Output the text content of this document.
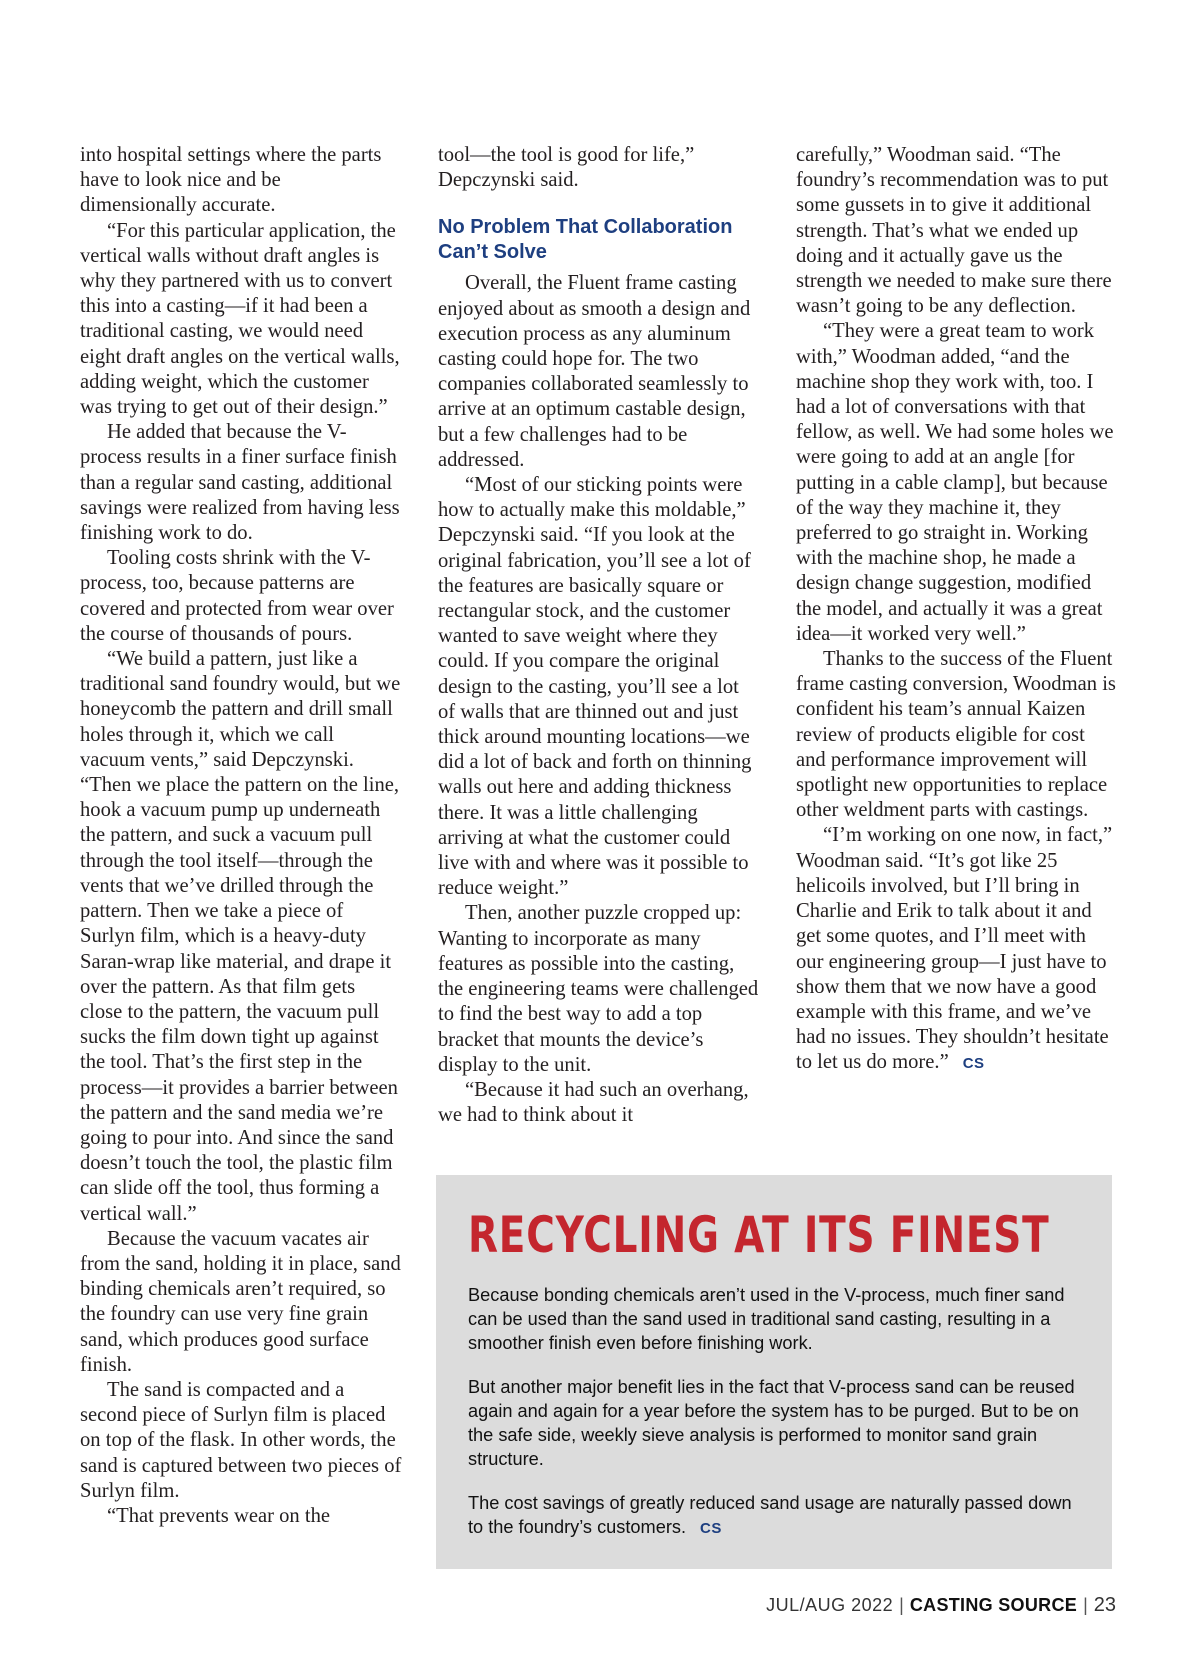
into hospital settings where the parts have to look nice and be dimensionally accurate.

“For this particular application, the vertical walls without draft angles is why they partnered with us to convert this into a casting—if it had been a traditional casting, we would need eight draft angles on the vertical walls, adding weight, which the customer was trying to get out of their design.”

He added that because the V-process results in a finer surface finish than a regular sand casting, additional savings were realized from having less finishing work to do.

Tooling costs shrink with the V-process, too, because patterns are covered and protected from wear over the course of thousands of pours.

“We build a pattern, just like a traditional sand foundry would, but we honeycomb the pattern and drill small holes through it, which we call vacuum vents,” said Depczynski. “Then we place the pattern on the line, hook a vacuum pump up underneath the pattern, and suck a vacuum pull through the tool itself—through the vents that we’ve drilled through the pattern. Then we take a piece of Surlyn film, which is a heavy-duty Saran-wrap like material, and drape it over the pattern. As that film gets close to the pattern, the vacuum pull sucks the film down tight up against the tool. That’s the first step in the process—it provides a barrier between the pattern and the sand media we’re going to pour into. And since the sand doesn’t touch the tool, the plastic film can slide off the tool, thus forming a vertical wall.”

Because the vacuum vacates air from the sand, holding it in place, sand binding chemicals aren’t required, so the foundry can use very fine grain sand, which produces good surface finish.

The sand is compacted and a second piece of Surlyn film is placed on top of the flask. In other words, the sand is captured between two pieces of Surlyn film.

“That prevents wear on the

tool—the tool is good for life,” Depczynski said.

No Problem That Collaboration Can’t Solve

Overall, the Fluent frame casting enjoyed about as smooth a design and execution process as any aluminum casting could hope for. The two companies collaborated seamlessly to arrive at an optimum castable design, but a few challenges had to be addressed.

“Most of our sticking points were how to actually make this moldable,” Depczynski said. “If you look at the original fabrication, you’ll see a lot of the features are basically square or rectangular stock, and the customer wanted to save weight where they could. If you compare the original design to the casting, you’ll see a lot of walls that are thinned out and just thick around mounting locations—we did a lot of back and forth on thinning walls out here and adding thickness there. It was a little challenging arriving at what the customer could live with and where was it possible to reduce weight.”

Then, another puzzle cropped up: Wanting to incorporate as many features as possible into the casting, the engineering teams were challenged to find the best way to add a top bracket that mounts the device’s display to the unit.

“Because it had such an overhang, we had to think about it

carefully,” Woodman said. “The foundry’s recommendation was to put some gussets in to give it additional strength. That’s what we ended up doing and it actually gave us the strength we needed to make sure there wasn’t going to be any deflection.

“They were a great team to work with,” Woodman added, “and the machine shop they work with, too. I had a lot of conversations with that fellow, as well. We had some holes we were going to add at an angle [for putting in a cable clamp], but because of the way they machine it, they preferred to go straight in. Working with the machine shop, he made a design change suggestion, modified the model, and actually it was a great idea—it worked very well.”

Thanks to the success of the Fluent frame casting conversion, Woodman is confident his team’s annual Kaizen review of products eligible for cost and performance improvement will spotlight new opportunities to replace other weldment parts with castings.

“I’m working on one now, in fact,” Woodman said. “It’s got like 25 helicoils involved, but I’ll bring in Charlie and Erik to talk about it and get some quotes, and I’ll meet with our engineering group—I just have to show them that we now have a good example with this frame, and we’ve had no issues. They shouldn’t hesitate to let us do more.” CS

RECYCLING AT ITS FINEST

Because bonding chemicals aren’t used in the V-process, much finer sand can be used than the sand used in traditional sand casting, resulting in a smoother finish even before finishing work.

But another major benefit lies in the fact that V-process sand can be reused again and again for a year before the system has to be purged. But to be on the safe side, weekly sieve analysis is performed to monitor sand grain structure.

The cost savings of greatly reduced sand usage are naturally passed down to the foundry’s customers. CS

JUL/AUG 2022 | CASTING SOURCE | 23
